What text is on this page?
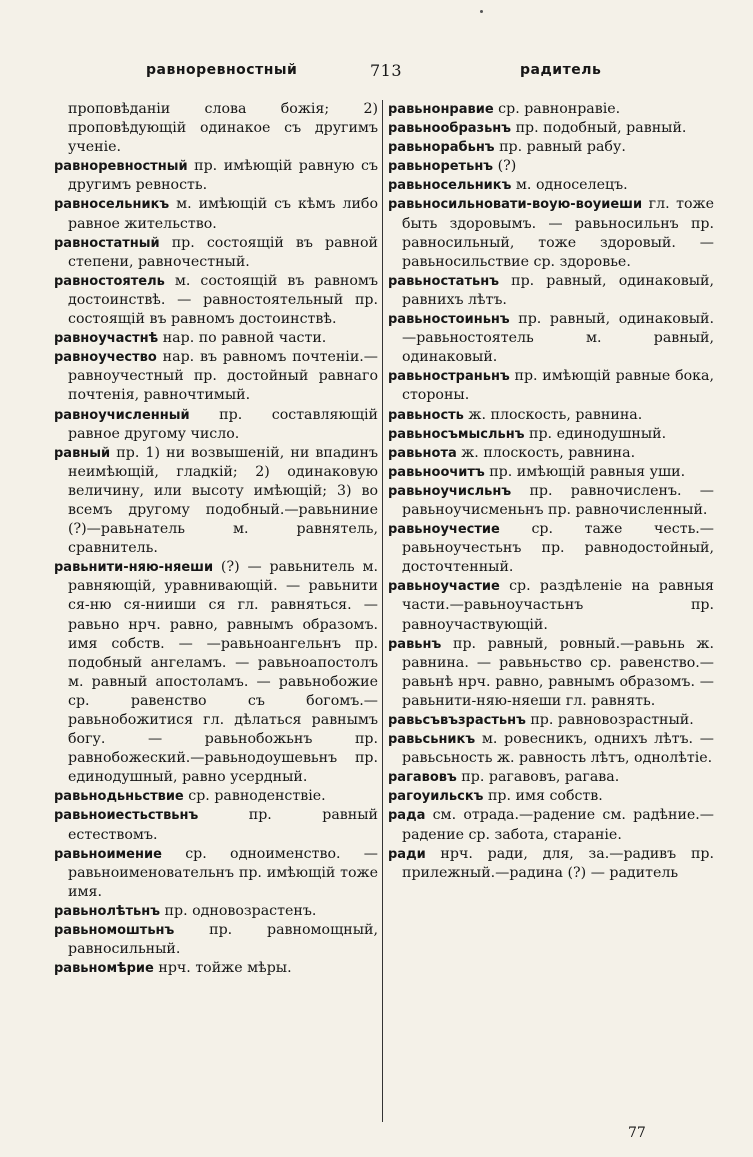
равноревностный	713	радитель

проповѣданіи слова божія; 2) проповѣдующій одинакое съ другимъ ученіе.

равноревностный пр. имѣющій равную съ другимъ ревность.

равносельникъ м. имѣющій съ кѣмъ либо равное жительство.

равностатный пр. состоящій въ равной степени, равночестный.

равностоятель м. состоящій въ равномъ достоинствѣ. — равностоятельный пр. состоящій въ равномъ достоинствѣ.

равноучастнѣ нар. по равной части.

равноучество нар. въ равномъ почтеніи.—равноучестный пр. достойный равнаго почтенія, равночтимый.

равноучисленный пр. составляющій равное другому число.

равный пр. 1) ни возвышеній, ни впадинъ неимѣющій, гладкій; 2) одинаковую величину, или высоту имѣющій; 3) во всемъ другому подобный.—равьниние (?)—равьнатель м. равнятель, сравнитель.

равьнити-няю-няеши (?) — равьнитель м. равняющій, уравнивающій. — равьнити ся-ню ся-нииши ся гл. равняться. — равьно нрч. равно, равнымъ образомъ. имя собств. — —равьноангельнъ пр. подобный ангеламъ. — равьноапостолъ м. равный апостоламъ. — равьнобожие ср. равенство съ богомъ.—равьнобожитися гл. дѣлаться равнымъ богу. — равьнобожьнъ пр. равнобожеский.—равьнодоушевьнъ пр. единодушный, равно усердный.

равьнодьньствие ср. равноденствіе.

равьноиестьствьнъ пр. равный естествомъ.

равьноимение ср. одноименство. — равьноименовательнъ пр. имѣющій тоже имя.

равьнолѣтьнъ пр. одновозрастенъ.

равьномоштьнъ пр. равномощный, равносильный.

равьномѣрие нрч. тойже мѣры.

равьнонравие ср. равнонравіе.

равьнообразьнъ пр. подобный, равный.

равьнорабьнъ пр. равный рабу.

равьноретьнъ (?)

равьносельникъ м. односелецъ.

равьносильновати-воую-воуиеши гл. тоже быть здоровымъ. — равьносильнъ пр. равносильный, тоже здоровый. — равьносильствие ср. здоровье.

равьностатьнъ пр. равный, одинаковый, равнихъ лѣтъ.

равьностоиньнъ пр. равный, одинаковый.—равьностоятель м. равный, одинаковый.

равьностраньнъ пр. имѣющій равные бока, стороны.

равьность ж. плоскость, равнина.

равьносъмысльнъ пр. единодушный.

равьнота ж. плоскость, равнина.

равьноочитъ пр. имѣющій равныя уши.

равьноучисльнъ пр. равночисленъ. — равьноучисменьнъ пр. равночисленный.

равьноучестие ср. таже честь.—равьноучестьнъ пр. равнодостойный, досточтенный.

равьноучастие ср. раздѣленіе на равныя части.—равьноучастьнъ пр. равноучаствующій.

равьнъ пр. равный, ровный.—равьнь ж. равнина. — равьньство ср. равенство.— равьнѣ нрч. равно, равнымъ образомъ. — равьнити-няю-няеши гл. равнять.

равьсъвъзрастьнъ пр. равновозрастный.

равьсьникъ м. ровесникъ, однихъ лѣтъ. — равьсьность ж. равность лѣтъ, однолѣтіе.

рагавовъ пр. рагавовъ, рагава.

рагоуильскъ пр. имя собств.

рада см. отрада.—радение см. радѣние.—радение ср. забота, стараніе.

ради нрч. ради, для, за.—радивъ пр. прилежный.—радина (?) — радитель

77
